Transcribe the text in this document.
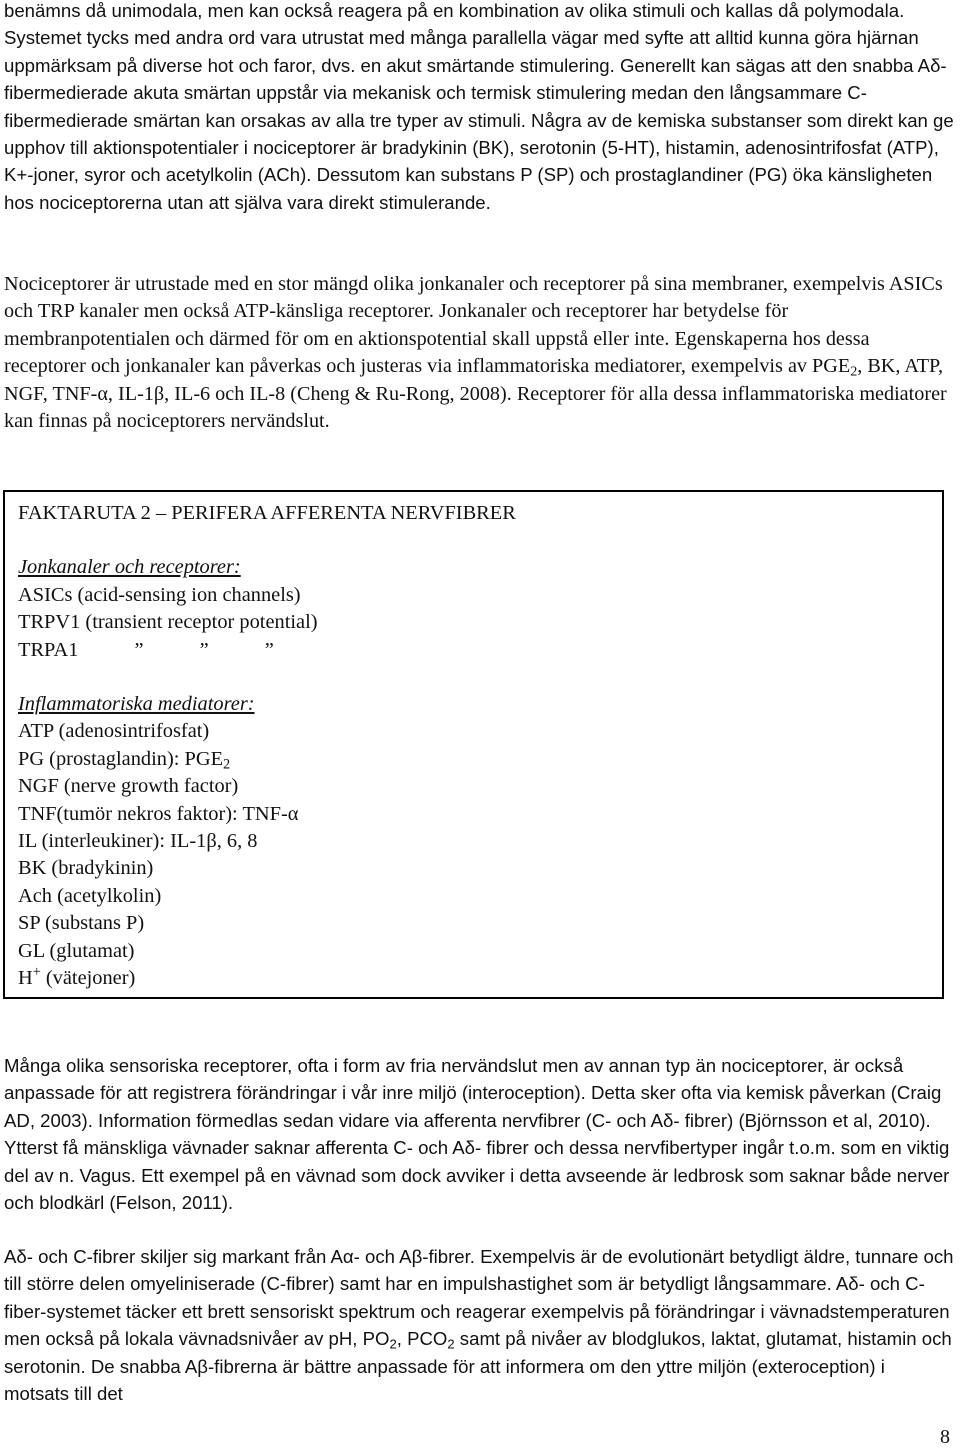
benämns då unimodala, men kan också reagera på en kombination av olika stimuli och kallas då polymodala. Systemet tycks med andra ord vara utrustat med många parallella vägar med syfte att alltid kunna göra hjärnan uppmärksam på diverse hot och faror, dvs. en akut smärtande stimulering. Generellt kan sägas att den snabba Aδ-fibermedierade akuta smärtan uppstår via mekanisk och termisk stimulering medan den långsammare C-fibermedierade smärtan kan orsakas av alla tre typer av stimuli. Några av de kemiska substanser som direkt kan ge upphov till aktionspotentialer i nociceptorer är bradykinin (BK), serotonin (5-HT), histamin, adenosintrifosfat (ATP), K+-joner, syror och acetylkolin (ACh). Dessutom kan substans P (SP) och prostaglandiner (PG) öka känsligheten hos nociceptorerna utan att själva vara direkt stimulerande.

Nociceptorer är utrustade med en stor mängd olika jonkanaler och receptorer på sina membraner, exempelvis ASICs och TRP kanaler men också ATP-känsliga receptorer. Jonkanaler och receptorer har betydelse för membranpotentialen och därmed för om en aktionspotential skall uppstå eller inte. Egenskaperna hos dessa receptorer och jonkanaler kan påverkas och justeras via inflammatoriska mediatorer, exempelvis av $PGE_2$, BK, ATP, NGF, TNF-α, IL-1β, IL-6 och IL-8 (Cheng & Ru-Rong, 2008). Receptorer för alla dessa inflammatoriska mediatorer kan finnas på nociceptorers nervändslut.

FAKTARUTA 2 – PERIFERA AFFERENTA NERVFIBRER

Jonkanaler och receptorer:

ASICs (acid-sensing ion channels)

TRPV1 (transient receptor potential)

TRPA1           ”           ”           ”

Inflammatoriska mediatorer:

ATP (adenosintrifosfat)

PG (prostaglandin): $PGE_2$

NGF (nerve growth factor)

TNF(tumör nekros faktor): TNF-α

IL (interleukiner): IL-1β, 6, 8

BK (bradykinin)

Ach (acetylkolin)

SP (substans P)

GL (glutamat)

H+ (vätejoner)

Många olika sensoriska receptorer, ofta i form av fria nervändslut men av annan typ än nociceptorer, är också anpassade för att registrera förändringar i vår inre miljö (interoception). Detta sker ofta via kemisk påverkan (Craig AD, 2003). Information förmedlas sedan vidare via afferenta nervfibrer (C- och Aδ- fibrer) (Björnsson et al, 2010). Ytterst få mänskliga vävnader saknar afferenta C- och Aδ- fibrer och dessa nervfibertyper ingår t.o.m. som en viktig del av n. Vagus. Ett exempel på en vävnad som dock avviker i detta avseende är ledbrosk som saknar både nerver och blodkärl (Felson, 2011).

Aδ- och C-fibrer skiljer sig markant från Aα- och Aβ-fibrer. Exempelvis är de evolutionärt betydligt äldre, tunnare och till större delen omyeliniserade (C-fibrer) samt har en impulshastighet som är betydligt långsammare. Aδ- och C-fiber-systemet täcker ett brett sensoriskt spektrum och reagerar exempelvis på förändringar i vävnadstemperaturen men också på lokala vävnadsnivåer av pH, $PO_2$, $PCO_2$ samt på nivåer av blodglukos, laktat, glutamat, histamin och serotonin. De snabba Aβ-fibrerna är bättre anpassade för att informera om den yttre miljön (exteroception) i motsats till det

8
